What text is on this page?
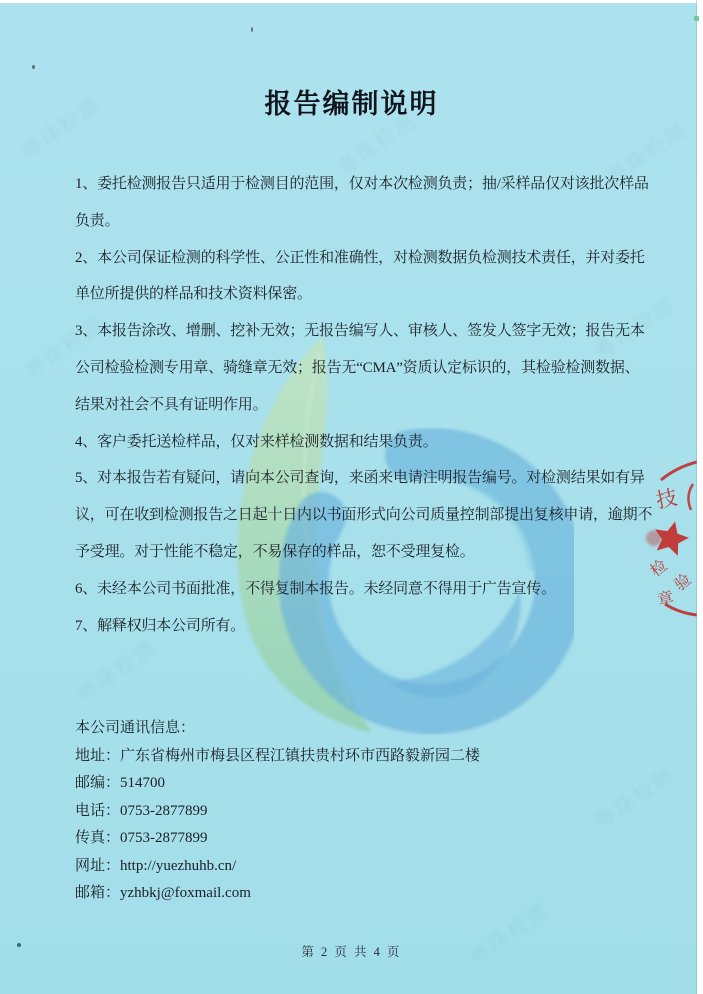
粤珠检测	粤珠检测
粤珠检测
粤珠检测
粤珠检测
粤珠检测
粤珠检测
粤珠检测
报告编制说明
1、委托检测报告只适用于检测目的范围，仅对本次检测负责；抽/采样品仅对该批次样品
负责。
2、本公司保证检测的科学性、公正性和准确性，对检测数据负检测技术责任，并对委托
单位所提供的样品和技术资料保密。
3、本报告涂改、增删、挖补无效；无报告编写人、审核人、签发人签字无效；报告无本
公司检验检测专用章、骑缝章无效；报告无“CMA”资质认定标识的，其检验检测数据、
结果对社会不具有证明作用。
4、客户委托送检样品，仅对来样检测数据和结果负责。
5、对本报告若有疑问，请向本公司查询，来函来电请注明报告编号。对检测结果如有异
议，可在收到检测报告之日起十日内以书面形式向公司质量控制部提出复核申请，逾期不
予受理。对于性能不稳定，不易保存的样品，恕不受理复检。
6、未经本公司书面批准，不得复制本报告。未经同意不得用于广告宣传。
7、解释权归本公司所有。
本公司通讯信息：
地址：广东省梅州市梅县区程江镇扶贵村环市西路毅新园二楼
邮编：514700
电话：0753-2877899
传真：0753-2877899
网址：http://yuezhuhb.cn/
邮箱：yzhbkj@foxmail.com
技
检
验
章
第 2 页 共 4 页
